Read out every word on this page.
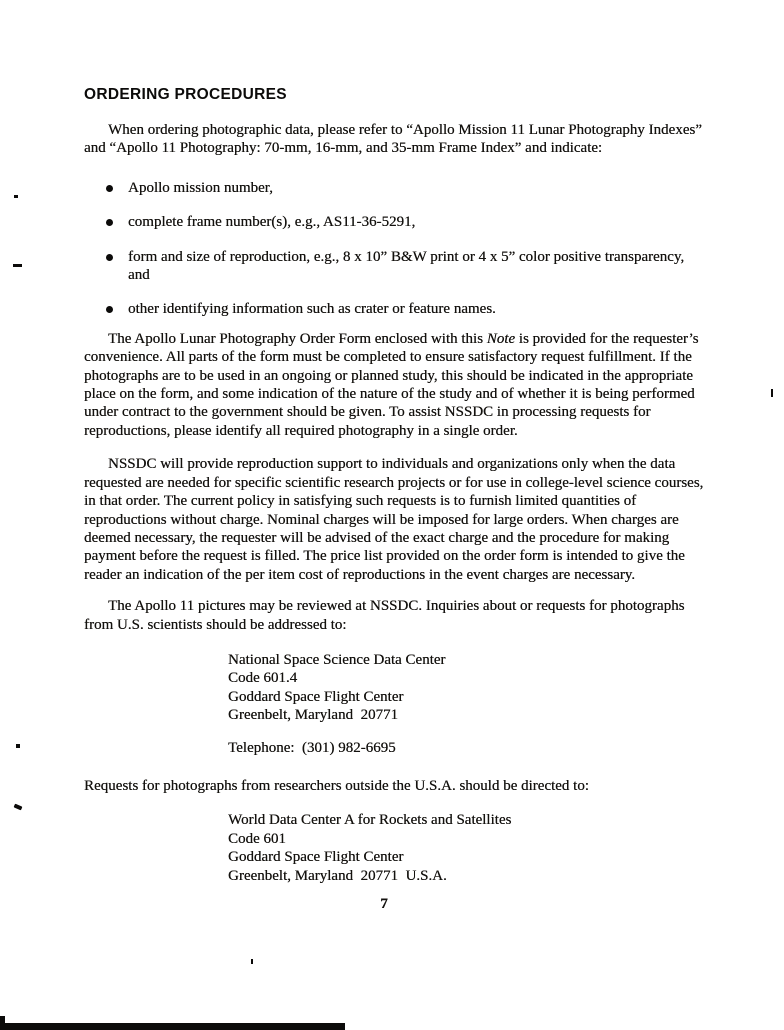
ORDERING PROCEDURES

When ordering photographic data, please refer to “Apollo Mission 11 Lunar Photography Indexes” and “Apollo 11 Photography: 70-mm, 16-mm, and 35-mm Frame Index” and indicate:

Apollo mission number,
complete frame number(s), e.g., AS11-36-5291,
form and size of reproduction, e.g., 8 x 10” B&W print or 4 x 5” color positive transparency, and
other identifying information such as crater or feature names.

The Apollo Lunar Photography Order Form enclosed with this Note is provided for the requester’s convenience. All parts of the form must be completed to ensure satisfactory request fulfillment. If the photographs are to be used in an ongoing or planned study, this should be indicated in the appropriate place on the form, and some indication of the nature of the study and of whether it is being performed under contract to the government should be given. To assist NSSDC in processing requests for reproductions, please identify all required photography in a single order.

NSSDC will provide reproduction support to individuals and organizations only when the data requested are needed for specific scientific research projects or for use in college-level science courses, in that order. The current policy in satisfying such requests is to furnish limited quantities of reproductions without charge. Nominal charges will be imposed for large orders. When charges are deemed necessary, the requester will be advised of the exact charge and the procedure for making payment before the request is filled. The price list provided on the order form is intended to give the reader an indication of the per item cost of reproductions in the event charges are necessary.

The Apollo 11 pictures may be reviewed at NSSDC. Inquiries about or requests for photographs from U.S. scientists should be addressed to:

National Space Science Data Center
Code 601.4
Goddard Space Flight Center
Greenbelt, Maryland  20771
Telephone:  (301) 982-6695

Requests for photographs from researchers outside the U.S.A. should be directed to:

World Data Center A for Rockets and Satellites
Code 601
Goddard Space Flight Center
Greenbelt, Maryland  20771  U.S.A.
7
